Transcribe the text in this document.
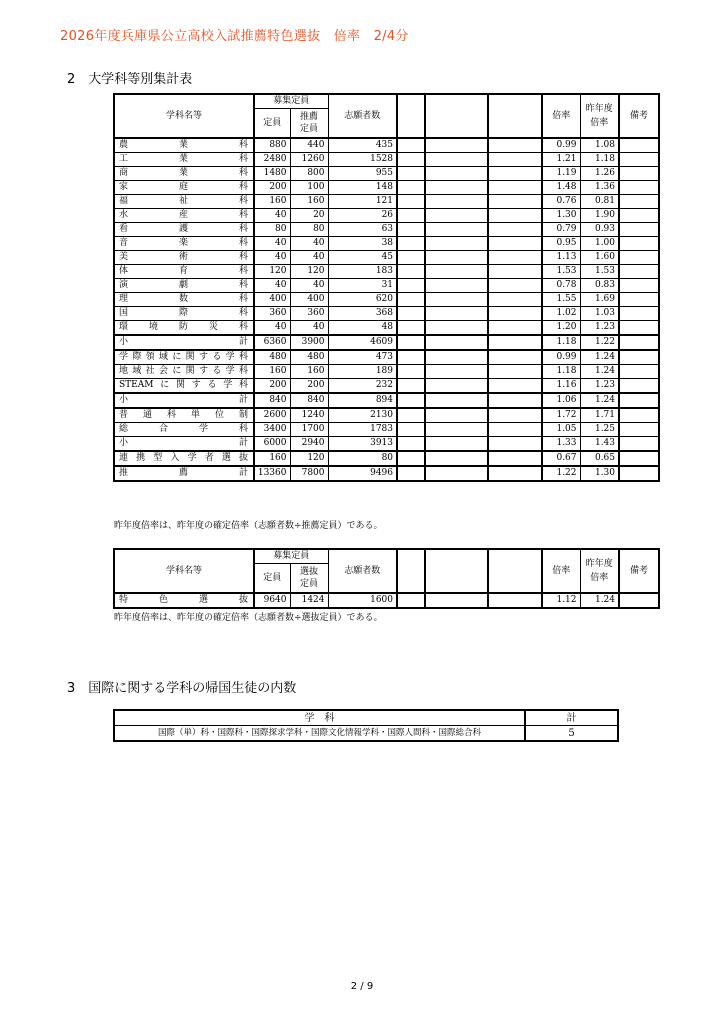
2026年度兵庫県公立高校入試推薦特色選抜　倍率　2/4分
2　大学科等別集計表
学科名等	募集定員		志願者数				倍率	昨年度倍率	備考
	定員	推薦定員							
農業科	880	440	435				0.99	1.08	
工業科	2480	1260	1528				1.21	1.18	
商業科	1480	800	955				1.19	1.26	
家庭科	200	100	148				1.48	1.36	
福祉科	160	160	121				0.76	0.81	
水産科	40	20	26				1.30	1.90	
看護科	80	80	63				0.79	0.93	
音楽科	40	40	38				0.95	1.00	
美術科	40	40	45				1.13	1.60	
体育科	120	120	183				1.53	1.53	
演劇科	40	40	31				0.78	0.83	
理数科	400	400	620				1.55	1.69	
国際科	360	360	368				1.02	1.03	
環境防災科	40	40	48				1.20	1.23	
小計	6360	3900	4609				1.18	1.22	
学際領域に関する学科	480	480	473				0.99	1.24	
地域社会に関する学科	160	160	189				1.18	1.24	
STEAMに関する学科	200	200	232				1.16	1.23	
小計	840	840	894				1.06	1.24	
普通科単位制	2600	1240	2130				1.72	1.71	
総合学科	3400	1700	1783				1.05	1.25	
小計	6000	2940	3913				1.33	1.43	
連携型入学者選抜	160	120	80				0.67	0.65	
推薦計	13360	7800	9496				1.22	1.30	
昨年度倍率は、昨年度の確定倍率（志願者数÷推薦定員）である。
学科名等	募集定員		志願者数				倍率	昨年度倍率	備考
	定員	選抜定員							
特色選抜	9640	1424	1600				1.12	1.24	
昨年度倍率は、昨年度の確定倍率（志願者数÷選抜定員）である。
3　国際に関する学科の帰国生徒の内数
学　科	計
国際（単）科・国際科・国際探求学科・国際文化情報学科・国際人間科・国際総合科	5
2 / 9
